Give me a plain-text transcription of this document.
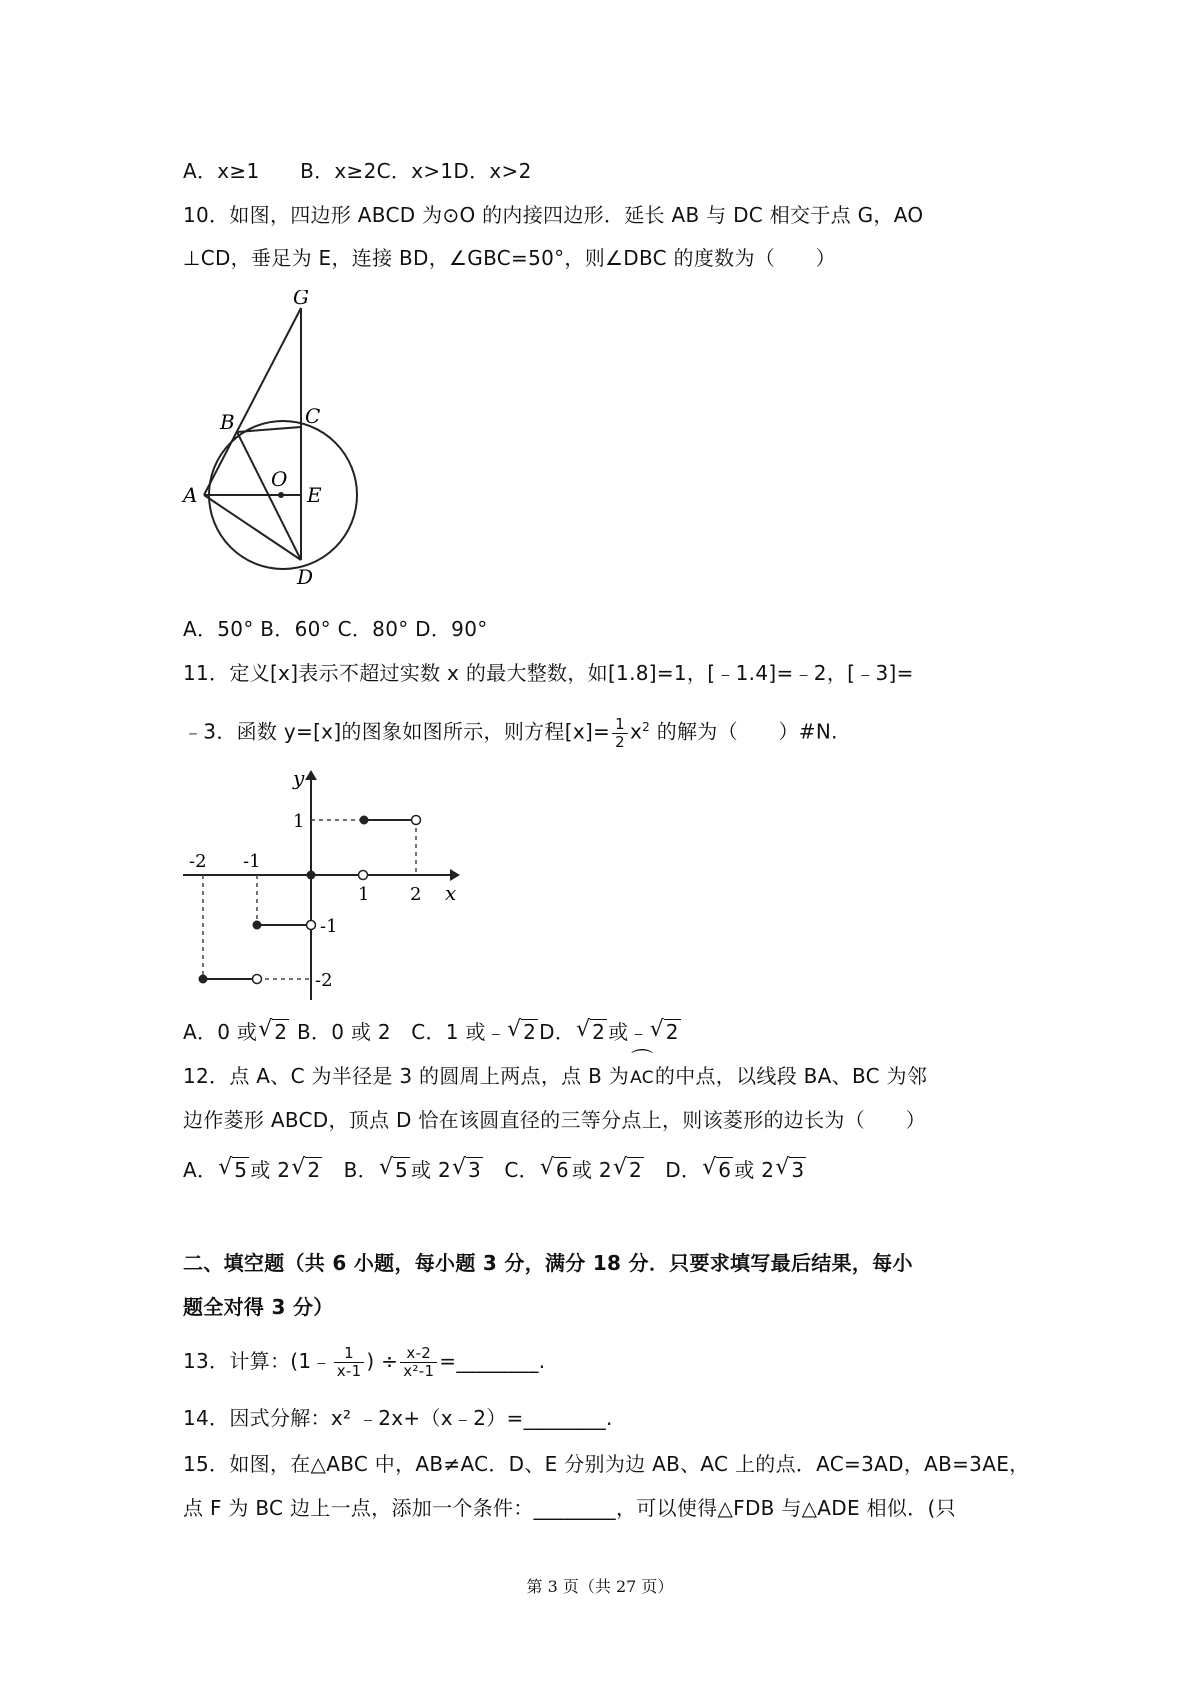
A．x≥1　　B．x≥2C．x>1D．x>2
10．如图，四边形 ABCD 为⊙O 的内接四边形．延长 AB 与 DC 相交于点 G，AO
⊥CD，垂足为 E，连接 BD，∠GBC=50°，则∠DBC 的度数为（　　）
G
B	C
A
O
E
D
A．50° B．60° C．80° D．90°
11．定义[x]表示不超过实数 x 的最大整数，如[1.8]=1，[﹣1.4]=﹣2，[﹣3]=
﹣3．函数 y=[x]的图象如图所示，则方程$[x]= \frac{1}{2} x^2$ 的解为（　　）#N.
y
x
1
-2 -1
1 2
-1
-2
A．0 或 √ 2 B．0 或 2　C．1 或﹣ √ 2 D． √ 2 或﹣ √ 2
12．点 A、C 为半径是 3 的圆周上两点，点 B 为⌒ AC的中点，以线段 BA、BC 为邻
边作菱形 ABCD，顶点 D 恰在该圆直径的三等分点上，则该菱形的边长为（　　）
A． √ 5 或 2 √ 2　B． √ 5 或 2 √ 3　C． √ 6 或 2 √ 2　D． √ 6 或 2 √ 3
二、填空题（共 6 小题，每小题 3 分，满分 18 分．只要求填写最后结果，每小
题全对得 3 分）
13．计算：(1﹣ $\frac{1}{x-1}$ ) ÷ $\frac{x-2}{\text{x²-1}}$ =________.
14．因式分解：x² ﹣2x+（x﹣2）=________.
15．如图，在△ABC 中，AB≠AC．D、E 分别为边 AB、AC 上的点．AC=3AD，AB=3AE，
点 F 为 BC 边上一点，添加一个条件：________，可以使得△FDB 与△ADE 相似．(只
第 3 页（共 27 页）
